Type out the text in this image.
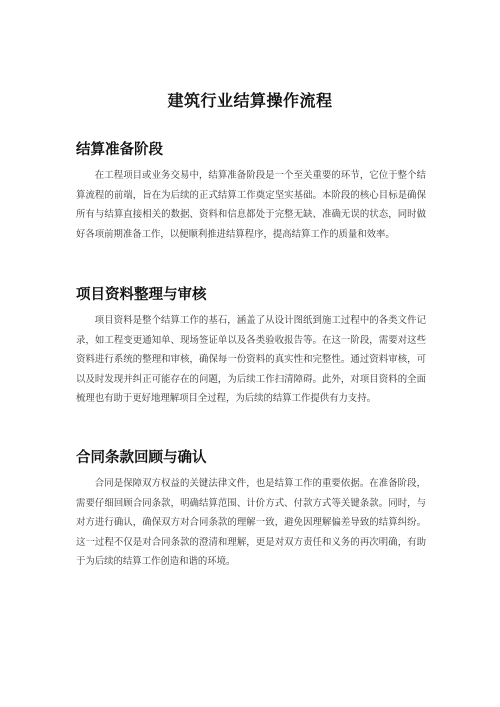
建筑行业结算操作流程
结算准备阶段

在工程项目或业务交易中，结算准备阶段是一个至关重要的环节，它位于整个结算流程的前端，旨在为后续的正式结算工作奠定坚实基础。本阶段的核心目标是确保所有与结算直接相关的数据、资料和信息都处于完整无缺、准确无误的状态，同时做好各项前期准备工作，以便顺利推进结算程序，提高结算工作的质量和效率。

项目资料整理与审核

项目资料是整个结算工作的基石，涵盖了从设计图纸到施工过程中的各类文件记录，如工程变更通知单、现场签证单以及各类验收报告等。在这一阶段，需要对这些资料进行系统的整理和审核，确保每一份资料的真实性和完整性。通过资料审核，可以及时发现并纠正可能存在的问题，为后续工作扫清障碍。此外，对项目资料的全面梳理也有助于更好地理解项目全过程，为后续的结算工作提供有力支持。

合同条款回顾与确认

合同是保障双方权益的关键法律文件，也是结算工作的重要依据。在准备阶段，需要仔细回顾合同条款，明确结算范围、计价方式、付款方式等关键条款。同时，与对方进行确认，确保双方对合同条款的理解一致，避免因理解偏差导致的结算纠纷。这一过程不仅是对合同条款的澄清和理解，更是对双方责任和义务的再次明确，有助于为后续的结算工作创造和谐的环境。
